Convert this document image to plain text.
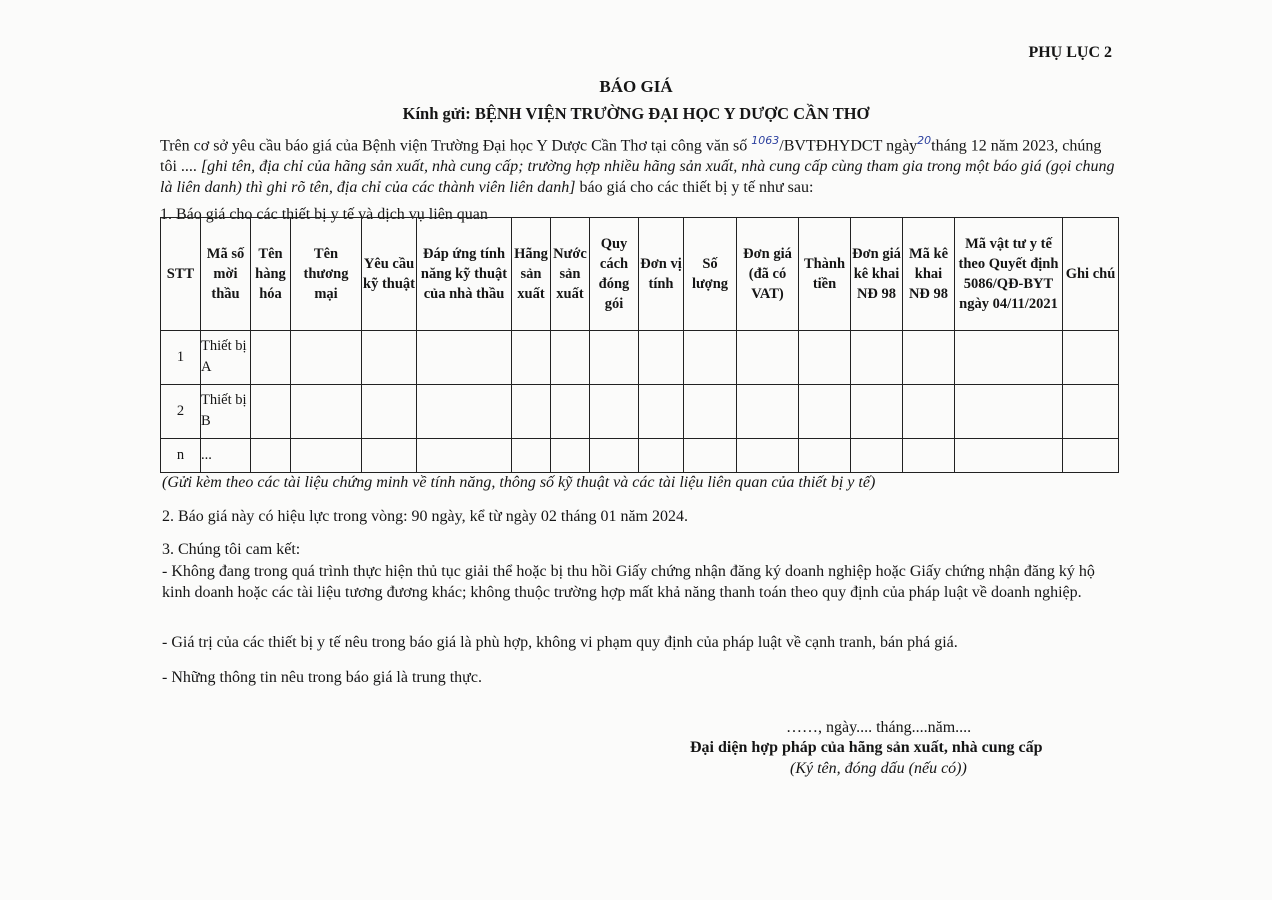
PHỤ LỤC 2
BÁO GIÁ
Kính gửi: BỆNH VIỆN TRƯỜNG ĐẠI HỌC Y DƯỢC CẦN THƠ
Trên cơ sở yêu cầu báo giá của Bệnh viện Trường Đại học Y Dược Cần Thơ tại công văn số $^{1063}$/BVTĐHYDCT ngày$^{20}$tháng 12 năm 2023, chúng tôi .... [ghi tên, địa chỉ của hãng sản xuất, nhà cung cấp; trường hợp nhiều hãng sản xuất, nhà cung cấp cùng tham gia trong một báo giá (gọi chung là liên danh) thì ghi rõ tên, địa chỉ của các thành viên liên danh] báo giá cho các thiết bị y tế như sau:
1. Báo giá cho các thiết bị y tế và dịch vụ liên quan
STT	Mã số mời thầu	Tên hàng hóa	Tên thương mại	Yêu cầu kỹ thuật	Đáp ứng tính năng kỹ thuật của nhà thầu	Hãng sản xuất	Nước sản xuất	Quy cách đóng gói	Đơn vị tính	Số lượng	Đơn giá (đã có VAT)	Thành tiền	Đơn giá kê khai NĐ 98	Mã kê khai NĐ 98	Mã vật tư y tế theo Quyết định 5086/QĐ-BYT ngày 04/11/2021	Ghi chú
1	Thiết bị A															
2	Thiết bị B															
n	...															
(Gửi kèm theo các tài liệu chứng minh về tính năng, thông số kỹ thuật và các tài liệu liên quan của thiết bị y tế)
2. Báo giá này có hiệu lực trong vòng: 90 ngày, kể từ ngày 02 tháng 01 năm 2024.
3. Chúng tôi cam kết:
- Không đang trong quá trình thực hiện thủ tục giải thể hoặc bị thu hồi Giấy chứng nhận đăng ký doanh nghiệp hoặc Giấy chứng nhận đăng ký hộ kinh doanh hoặc các tài liệu tương đương khác; không thuộc trường hợp mất khả năng thanh toán theo quy định của pháp luật về doanh nghiệp.
- Giá trị của các thiết bị y tế nêu trong báo giá là phù hợp, không vi phạm quy định của pháp luật về cạnh tranh, bán phá giá.
- Những thông tin nêu trong báo giá là trung thực.
……, ngày.... tháng....năm....
Đại diện hợp pháp của hãng sản xuất, nhà cung cấp
(Ký tên, đóng dấu (nếu có))
